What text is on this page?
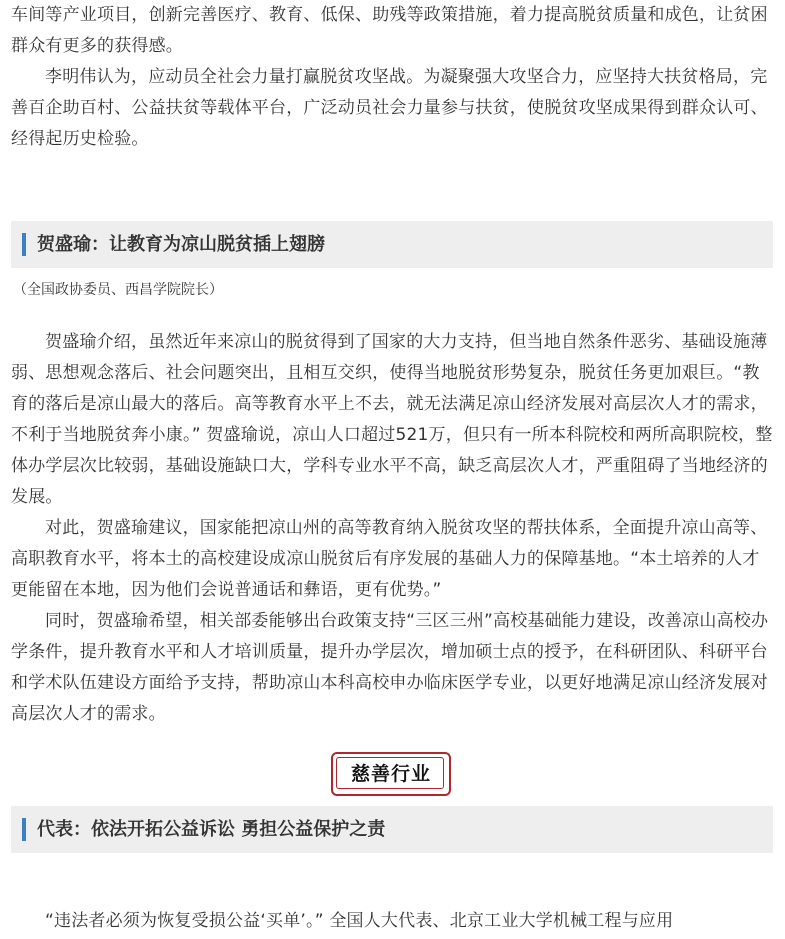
车间等产业项目，创新完善医疗、教育、低保、助残等政策措施，着力提高脱贫质量和成色，让贫困群众有更多的获得感。

李明伟认为，应动员全社会力量打赢脱贫攻坚战。为凝聚强大攻坚合力，应坚持大扶贫格局，完善百企助百村、公益扶贫等载体平台，广泛动员社会力量参与扶贫，使脱贫攻坚成果得到群众认可、经得起历史检验。

贺盛瑜：让教育为凉山脱贫插上翅膀
（全国政协委员、西昌学院院长）

贺盛瑜介绍，虽然近年来凉山的脱贫得到了国家的大力支持，但当地自然条件恶劣、基础设施薄弱、思想观念落后、社会问题突出，且相互交织，使得当地脱贫形势复杂，脱贫任务更加艰巨。“教育的落后是凉山最大的落后。高等教育水平上不去，就无法满足凉山经济发展对高层次人才的需求，不利于当地脱贫奔小康。” 贺盛瑜说，凉山人口超过521万，但只有一所本科院校和两所高职院校，整体办学层次比较弱，基础设施缺口大，学科专业水平不高，缺乏高层次人才，严重阻碍了当地经济的发展。

对此，贺盛瑜建议，国家能把凉山州的高等教育纳入脱贫攻坚的帮扶体系，全面提升凉山高等、高职教育水平，将本土的高校建设成凉山脱贫后有序发展的基础人力的保障基地。“本土培养的人才更能留在本地，因为他们会说普通话和彝语，更有优势。”

同时，贺盛瑜希望，相关部委能够出台政策支持“三区三州”高校基础能力建设，改善凉山高校办学条件，提升教育水平和人才培训质量，提升办学层次，增加硕士点的授予，在科研团队、科研平台和学术队伍建设方面给予支持，帮助凉山本科高校申办临床医学专业，以更好地满足凉山经济发展对高层次人才的需求。

慈善行业
代表：依法开拓公益诉讼 勇担公益保护之责

“违法者必须为恢复受损公益‘买单’。” 全国人大代表、北京工业大学机械工程与应用
